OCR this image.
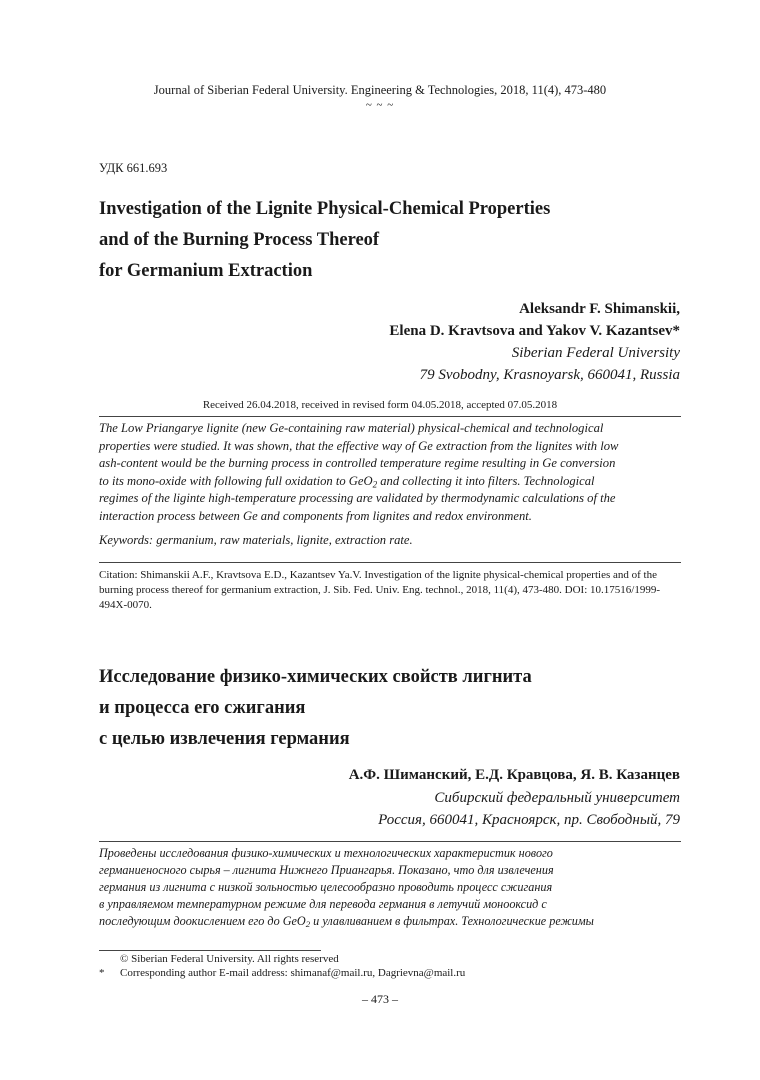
Journal of Siberian Federal University. Engineering & Technologies, 2018, 11(4), 473-480
~ ~ ~
УДК 661.693
Investigation of the Lignite Physical-Chemical Properties
and of the Burning Process Thereof
for Germanium Extraction
Aleksandr F. Shimanskii,
Elena D. Kravtsova and Yakov V. Kazantsev*
Siberian Federal University
79 Svobodny, Krasnoyarsk, 660041, Russia
Received 26.04.2018, received in revised form 04.05.2018, accepted 07.05.2018
The Low Priangarye lignite (new Ge-containing raw material) physical-chemical and technological
properties were studied. It was shown, that the effective way of Ge extraction from the lignites with low
ash-content would be the burning process in controlled temperature regime resulting in Ge conversion
to its mono-oxide with following full oxidation to GeO$_2$ and collecting it into filters. Technological
regimes of the liginte high-temperature processing are validated by thermodynamic calculations of the
interaction process between Ge and components from lignites and redox environment.
Keywords: germanium, raw materials, lignite, extraction rate.
Citation: Shimanskii A.F., Kravtsova E.D., Kazantsev Ya.V. Investigation of the lignite physical-chemical properties and of the
burning process thereof for germanium extraction, J. Sib. Fed. Univ. Eng. technol., 2018, 11(4), 473-480. DOI: 10.17516/1999-
494X-0070.
Исследование физико-химических свойств лигнита
и процесса его сжигания
с целью извлечения германия
А.Ф. Шиманский, Е.Д. Кравцова, Я. В. Казанцев
Сибирский федеральный университет
Россия, 660041, Красноярск, пр. Свободный, 79
Проведены исследования физико-химических и технологических характеристик нового
германиеносного сырья – лигнита Нижнего Приангарья. Показано, что для извлечения
германия из лигнита с низкой зольностью целесообразно проводить процесс сжигания
в управляемом температурном режиме для перевода германия в летучий монооксид с
последующим доокислением его до GeO$_2$ и улавливанием в фильтрах. Технологические режимы
© Siberian Federal University. All rights reserved
* Corresponding author E-mail address: shimanaf@mail.ru, Dagrievna@mail.ru
– 473 –
